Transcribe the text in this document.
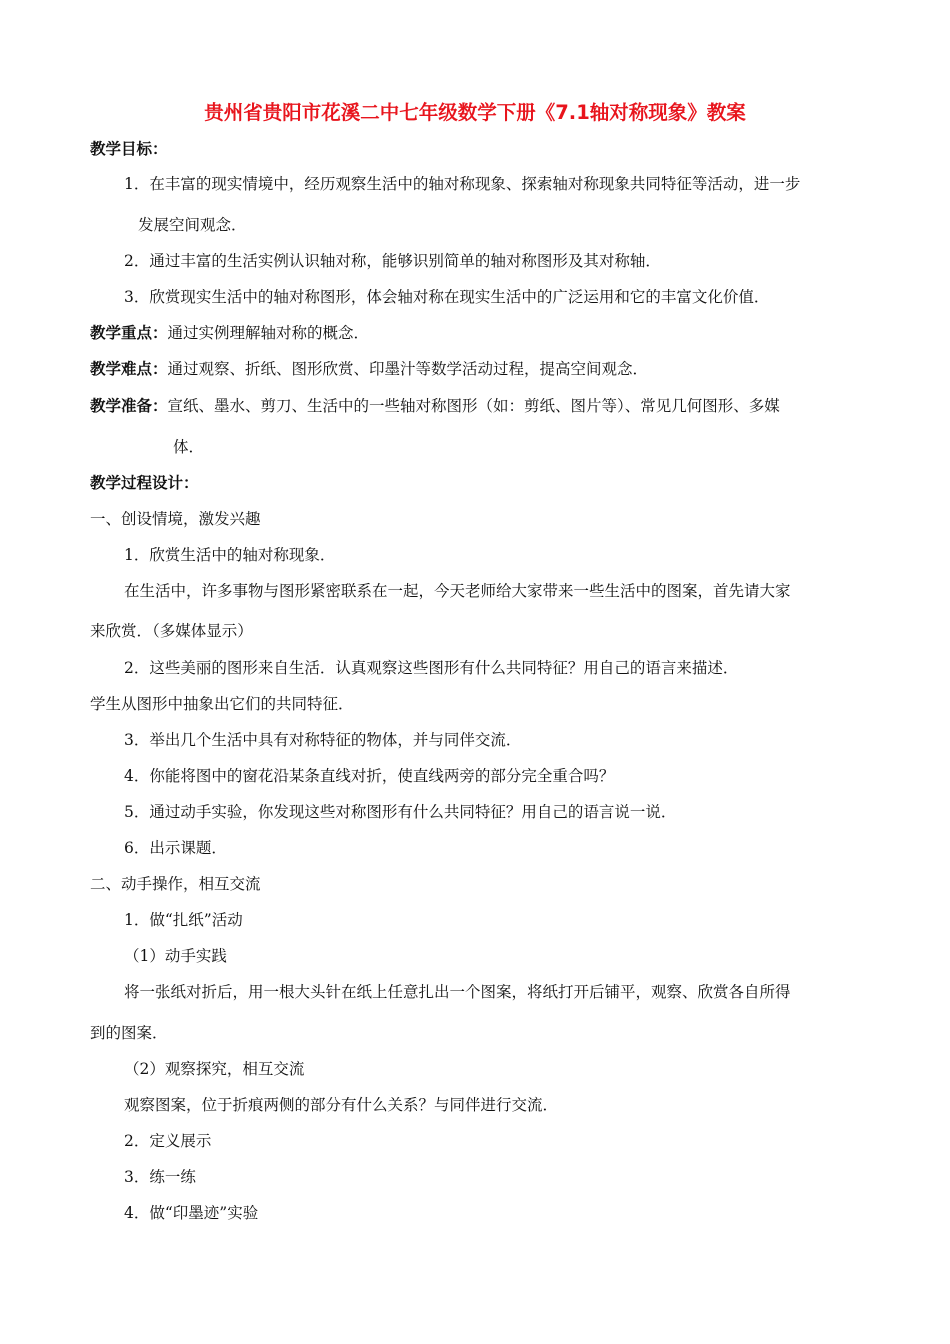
贵州省贵阳市花溪二中七年级数学下册《7.1轴对称现象》教案
教学目标：
1．在丰富的现实情境中，经历观察生活中的轴对称现象、探索轴对称现象共同特征等活动，进一步
发展空间观念．
2．通过丰富的生活实例认识轴对称，能够识别简单的轴对称图形及其对称轴．
3．欣赏现实生活中的轴对称图形，体会轴对称在现实生活中的广泛运用和它的丰富文化价值．
教学重点：通过实例理解轴对称的概念．
教学难点：通过观察、折纸、图形欣赏、印墨汁等数学活动过程，提高空间观念．
教学准备：宣纸、墨水、剪刀、生活中的一些轴对称图形（如：剪纸、图片等）、常见几何图形、多媒
体．
教学过程设计：
一、创设情境，激发兴趣
1．欣赏生活中的轴对称现象．
在生活中，许多事物与图形紧密联系在一起，今天老师给大家带来一些生活中的图案，首先请大家
来欣赏．（多媒体显示）
2．这些美丽的图形来自生活．认真观察这些图形有什么共同特征？用自己的语言来描述．
学生从图形中抽象出它们的共同特征．
3．举出几个生活中具有对称特征的物体，并与同伴交流．
4．你能将图中的窗花沿某条直线对折，使直线两旁的部分完全重合吗？
5．通过动手实验，你发现这些对称图形有什么共同特征？用自己的语言说一说．
6．出示课题．
二、动手操作，相互交流
1．做“扎纸”活动
（1）动手实践
将一张纸对折后，用一根大头针在纸上任意扎出一个图案，将纸打开后铺平，观察、欣赏各自所得
到的图案．
（2）观察探究，相互交流
观察图案，位于折痕两侧的部分有什么关系？与同伴进行交流．
2．定义展示
3．练一练
4．做“印墨迹”实验
